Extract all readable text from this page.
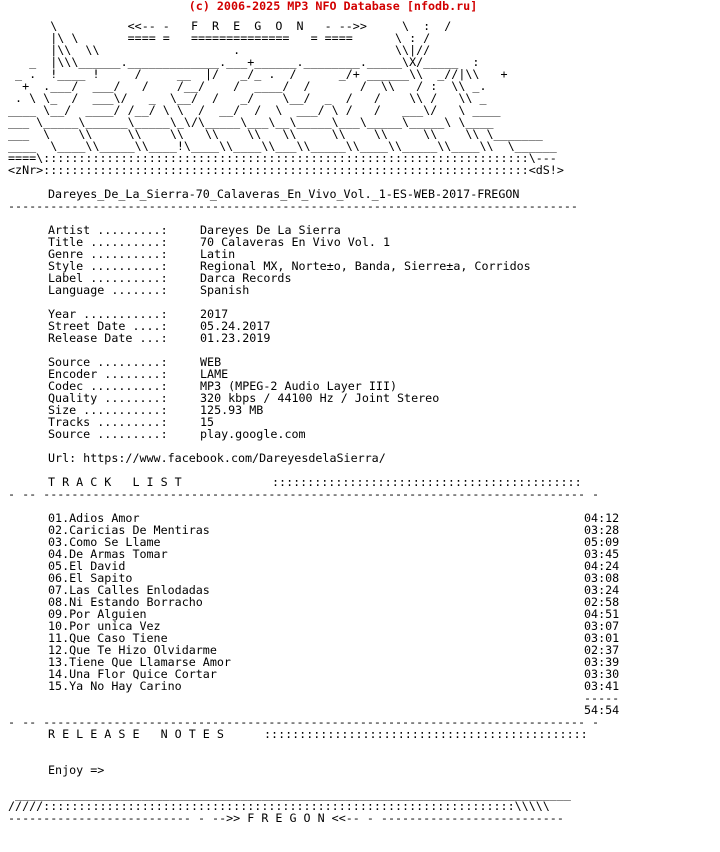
(c) 2006-2025 MP3 NFO Database [nfodb.ru]
\          <<-- -   F  R  E  G  O  N   - -->>     \  :  /
|\ \       ==== =   ==============   = ====      \ : /
|\\  \\                   .                      \\|//
_  |\\\______._____________.___+______.________._____\X/_____  :
_ .  !____ !     /     __  |/   _/_ .  /      _/+ ______\\  _//|\\   +
+  .___/  ___/   /    /__/    /  ____/  /       /  \\   / :  \\ _.
. \ \_  /  ___\/   _  \__/  /   _/    \__/  _  /   /    \\ /   \\ _
____ \__/  ____/ /__/ \ \  /  __/  /  \  ___/ \ /   /   ___\/   \ ____
___ \_____\______\_____\_\/\_____\___\__\_____\___\_____\_____\ \____
___  \    \\     \\    \\   \\    \\   \\     \\    \\     \\    \\ \_______
____  \____\\_____\\____!\____\\____\\___\\_____\\____\\_____\\____\\  \______
====\:::::::::::::::::::::::::::::::::::::::::::::::::::::::::::::::::::::\---
<zNr>:::::::::::::::::::::::::::::::::::::::::::::::::::::::::::::::::::::<dS!>
Dareyes_De_La_Sierra-70_Calaveras_En_Vivo_Vol._1-ES-WEB-2017-FREGON
---------------------------------------------------------------------------------
Artist .........:	Dareyes De La Sierra
Title ..........:	70 Calaveras En Vivo Vol. 1
Genre ..........:	Latin
Style ..........:	Regional MX, Norte±o, Banda, Sierre±a, Corridos
Label ..........:	Darca Records
Language .......:	Spanish
Year ...........:	2017
Street Date ....:	05.24.2017
Release Date ...:	01.23.2019
Source .........:	WEB
Encoder ........:	LAME
Codec ..........:	MP3 (MPEG-2 Audio Layer III)
Quality ........:	320 kbps / 44100 Hz / Joint Stereo
Size ...........:	125.93 MB
Tracks .........:	15
Source .........:	play.google.com
Url: https://www.facebook.com/DareyesdelaSierra/
T R A C K   L I S T	::::::::::::::::::::::::::::::::::::::::::::
- -- ----------------------------------------------------------------------------- -
01.Adios Amor	04:12
02.Caricias De Mentiras	03:28
03.Como Se Llame	05:09
04.De Armas Tomar	03:45
05.El David	04:24
06.El Sapito	03:08
07.Las Calles Enlodadas	03:24
08.Ni Estando Borracho	02:58
09.Por Alguien	04:51
10.Por unica Vez	03:07
11.Que Caso Tiene	03:01
12.Que Te Hizo Olvidarme	02:37
13.Tiene Que Llamarse Amor	03:39
14.Una Flor Quice Cortar	03:30
15.Ya No Hay Carino	03:41
-----
54:54
- -- ----------------------------------------------------------------------------- -
R E L E A S E   N O T E S	::::::::::::::::::::::::::::::::::::::::::::::
Enjoy =>
_______________________________________________________________________________
/////:::::::::::::::::::::::::::::::::::::::::::::::::::::::::::::::::::\\\\\
-------------------------- - -->> F R E G O N <<-- - --------------------------
